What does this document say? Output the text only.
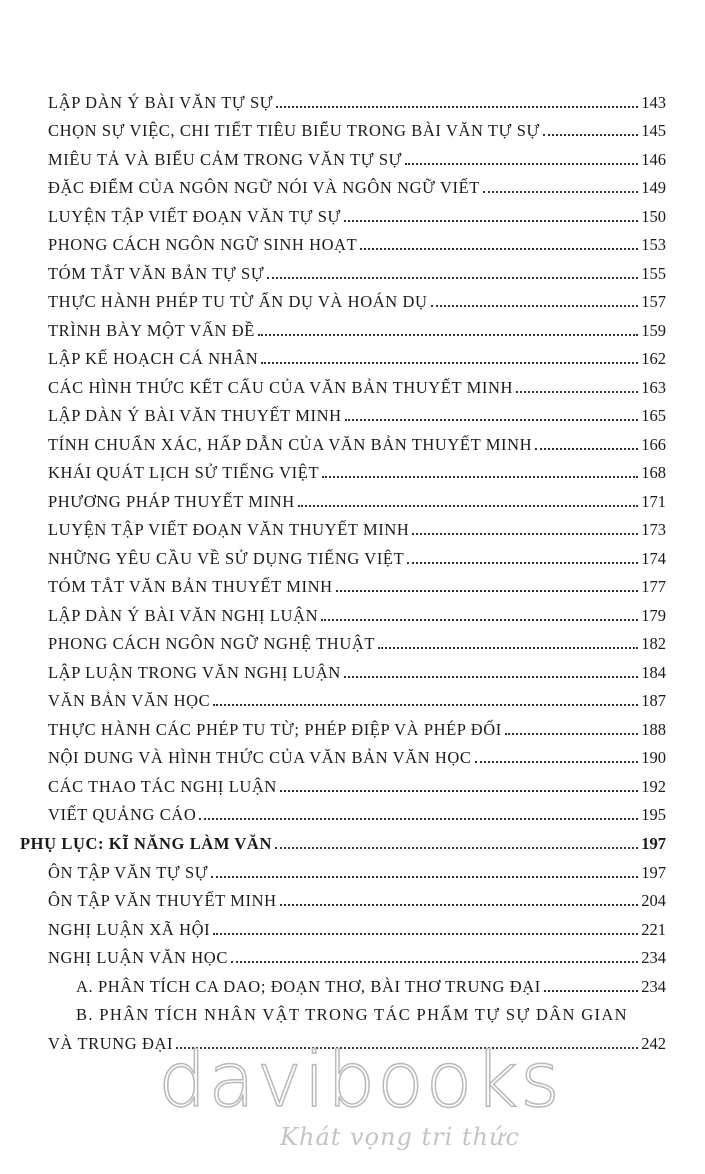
LẬP DÀN Ý BÀI VĂN TỰ SỰ	143
CHỌN SỰ VIỆC, CHI TIẾT TIÊU BIỂU TRONG BÀI VĂN TỰ SỰ	145
MIÊU TẢ VÀ BIỂU CẢM TRONG VĂN TỰ SỰ	146
ĐẶC ĐIỂM CỦA NGÔN NGỮ NÓI VÀ NGÔN NGỮ VIẾT	149
LUYỆN TẬP VIẾT ĐOẠN VĂN TỰ SỰ	150
PHONG CÁCH NGÔN NGỮ SINH HOẠT	153
TÓM TẮT VĂN BẢN TỰ SỰ	155
THỰC HÀNH PHÉP TU TỪ ẨN DỤ VÀ HOÁN DỤ	157
TRÌNH BÀY MỘT VẤN ĐỀ	159
LẬP KẾ HOẠCH CÁ NHÂN	162
CÁC HÌNH THỨC KẾT CẤU CỦA VĂN BẢN THUYẾT MINH	163
LẬP DÀN Ý BÀI VĂN THUYẾT MINH	165
TÍNH CHUẨN XÁC, HẤP DẪN CỦA VĂN BẢN THUYẾT MINH	166
KHÁI QUÁT LỊCH SỬ TIẾNG VIỆT	168
PHƯƠNG PHÁP THUYẾT MINH	171
LUYỆN TẬP VIẾT ĐOẠN VĂN THUYẾT MINH	173
NHỮNG YÊU CẦU VỀ SỬ DỤNG TIẾNG VIỆT	174
TÓM TẮT VĂN BẢN THUYẾT MINH	177
LẬP DÀN Ý BÀI VĂN NGHỊ LUẬN	179
PHONG CÁCH NGÔN NGỮ NGHỆ THUẬT	182
LẬP LUẬN TRONG VĂN NGHỊ LUẬN	184
VĂN BẢN VĂN HỌC	187
THỰC HÀNH CÁC PHÉP TU TỪ; PHÉP ĐIỆP VÀ PHÉP ĐỐI	188
NỘI DUNG VÀ HÌNH THỨC CỦA VĂN BẢN VĂN HỌC	190
CÁC THAO TÁC NGHỊ LUẬN	192
VIẾT QUẢNG CÁO	195
PHỤ LỤC: KĨ NĂNG LÀM VĂN	197
ÔN TẬP VĂN TỰ SỰ	197
ÔN TẬP VĂN THUYẾT MINH	204
NGHỊ LUẬN XÃ HỘI	221
NGHỊ LUẬN VĂN HỌC	234
A. PHÂN TÍCH CA DAO; ĐOẠN THƠ, BÀI THƠ TRUNG ĐẠI	234
B. PHÂN TÍCH NHÂN VẬT TRONG TÁC PHẨM TỰ SỰ DÂN GIAN
VÀ TRUNG ĐẠI	242
davibooks
Khát vọng tri thức
